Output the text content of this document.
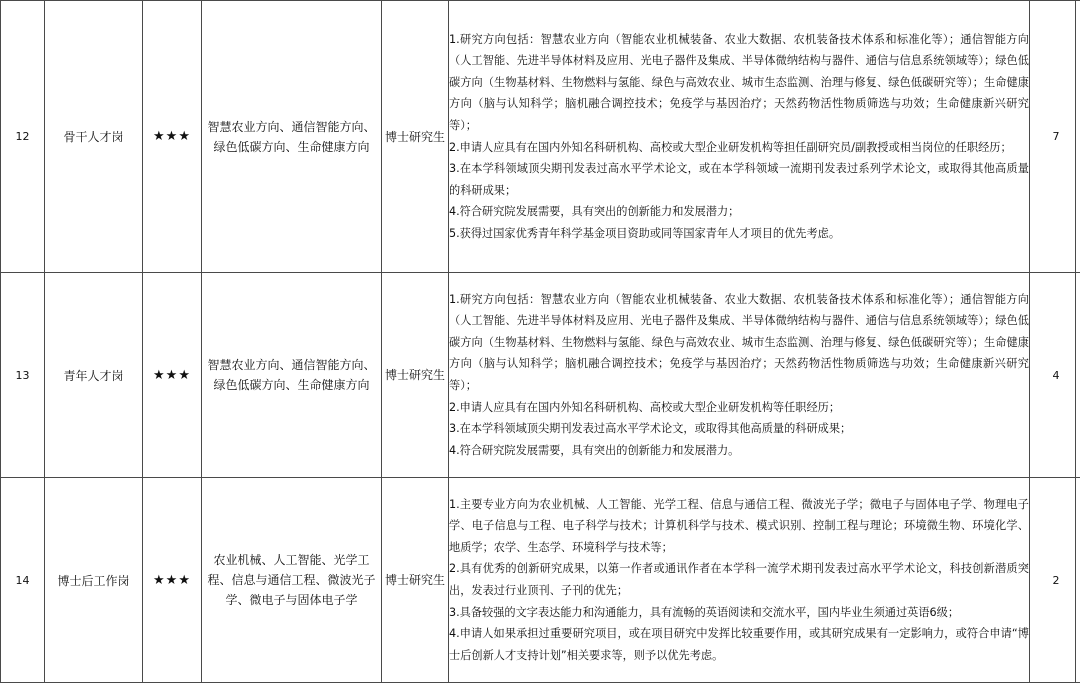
12	骨干人才岗	★★★	智慧农业方向、通信智能方向、绿色低碳方向、生命健康方向	博士研究生	1.研究方向包括：智慧农业方向（智能农业机械装备、农业大数据、农机装备技术体系和标准化等）；通信智能方向（人工智能、先进半导体材料及应用、光电子器件及集成、半导体微纳结构与器件、通信与信息系统领域等）；绿色低碳方向（生物基材料、生物燃料与氢能、绿色与高效农业、城市生态监测、治理与修复、绿色低碳研究等）；生命健康方向（脑与认知科学；脑机融合调控技术；免疫学与基因治疗；天然药物活性物质筛选与功效；生命健康新兴研究等）；
2.申请人应具有在国内外知名科研机构、高校或大型企业研发机构等担任副研究员/副教授或相当岗位的任职经历；
3.在本学科领域顶尖期刊发表过高水平学术论文，或在本学科领域一流期刊发表过系列学术论文，或取得其他高质量的科研成果；
4.符合研究院发展需要，具有突出的创新能力和发展潜力；
5.获得过国家优秀青年科学基金项目资助或同等国家青年人才项目的优先考虑。	7
13	青年人才岗	★★★	智慧农业方向、通信智能方向、绿色低碳方向、生命健康方向	博士研究生	1.研究方向包括：智慧农业方向（智能农业机械装备、农业大数据、农机装备技术体系和标准化等）；通信智能方向（人工智能、先进半导体材料及应用、光电子器件及集成、半导体微纳结构与器件、通信与信息系统领域等）；绿色低碳方向（生物基材料、生物燃料与氢能、绿色与高效农业、城市生态监测、治理与修复、绿色低碳研究等）；生命健康方向（脑与认知科学；脑机融合调控技术；免疫学与基因治疗；天然药物活性物质筛选与功效；生命健康新兴研究等）；
2.申请人应具有在国内外知名科研机构、高校或大型企业研发机构等任职经历；
3.在本学科领域顶尖期刊发表过高水平学术论文，或取得其他高质量的科研成果；
4.符合研究院发展需要，具有突出的创新能力和发展潜力。	4
14	博士后工作岗	★★★	农业机械、人工智能、光学工程、信息与通信工程、微波光子学、微电子与固体电子学	博士研究生	1.主要专业方向为农业机械、人工智能、光学工程、信息与通信工程、微波光子学；微电子与固体电子学、物理电子学、电子信息与工程、电子科学与技术；计算机科学与技术、模式识别、控制工程与理论；环境微生物、环境化学、地质学；农学、生态学、环境科学与技术等；
2.具有优秀的创新研究成果，以第一作者或通讯作者在本学科一流学术期刊发表过高水平学术论文，科技创新潜质突出，发表过行业顶刊、子刊的优先；
3.具备较强的文字表达能力和沟通能力，具有流畅的英语阅读和交流水平，国内毕业生须通过英语6级；
4.申请人如果承担过重要研究项目，或在项目研究中发挥比较重要作用，或其研究成果有一定影响力，或符合申请“博士后创新人才支持计划”相关要求等，则予以优先考虑。	2
